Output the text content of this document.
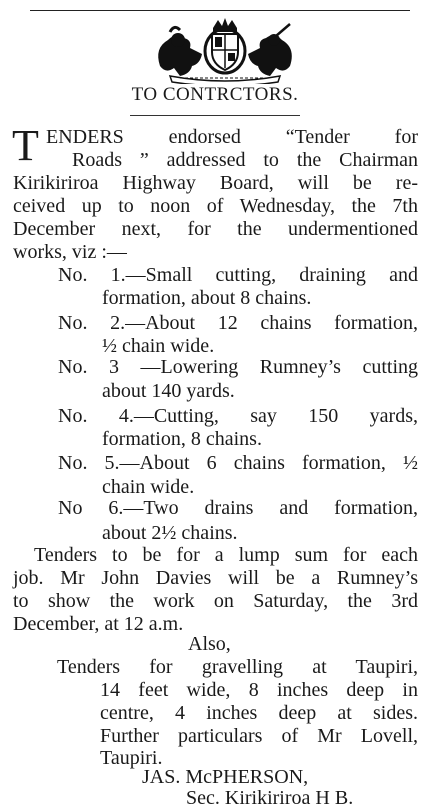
TO CONTRCTORS.
T ENDERS endorsed “Tender for
Roads ” addressed to the Chairman
Kirikiriroa Highway Board, will be re-
ceived up to noon of Wednesday, the 7th
December next, for the undermentioned
works, viz :—
No. 1.—Small cutting, draining and
formation, about 8 chains.
No. 2.—About 12 chains formation,
½ chain wide.
No. 3 —Lowering Rumney’s cutting
about 140 yards.
No. 4.—Cutting, say 150 yards,
formation, 8 chains.
No. 5.—About 6 chains formation, ½
chain wide.
No 6.—Two drains and formation,
about 2½ chains.
Tenders to be for a lump sum for each
job. Mr John Davies will be a Rumney’s
to show the work on Saturday, the 3rd
December, at 12 a.m.
Also,
Tenders for gravelling at Taupiri,
14 feet wide, 8 inches deep in
centre, 4 inches deep at sides.
Further particulars of Mr Lovell,
Taupiri.
JAS. McPHERSON,
Sec. Kirikiriroa H B.
